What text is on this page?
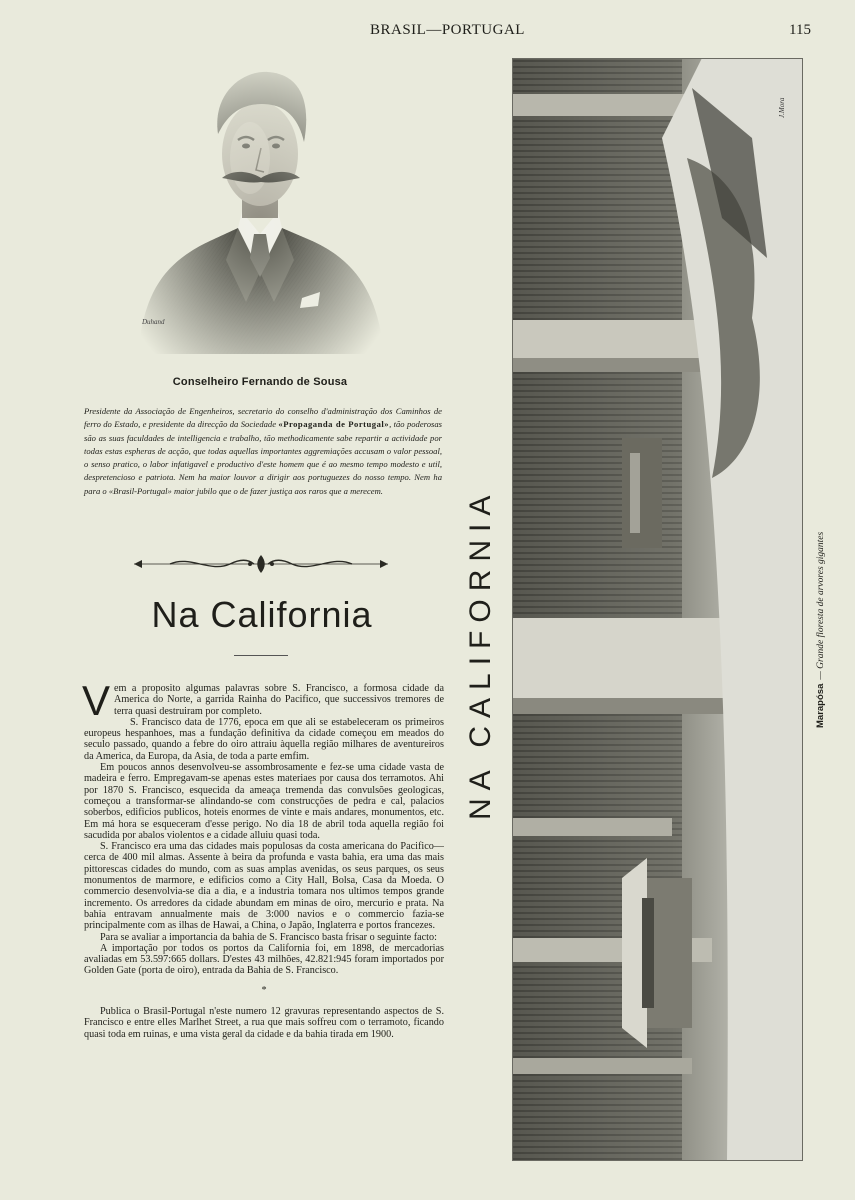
BRASIL—PORTUGAL	115
Duhand
Conselheiro Fernando de Sousa
Presidente da Associação de Engenheiros, secretario do conselho d'administração dos Caminhos de ferro do Estado, e presidente da direcção da Sociedade «Propaganda de Portugal», tão poderosas são as suas faculdades de intelligencia e trabalho, tão methodicamente sabe repartir a actividade por todas estas espheras de acção, que todas aquellas importantes aggremiações accusam o valor pessoal, o senso pratico, o labor infatigavel e productivo d'este homem que é ao mesmo tempo modesto e util, despretencioso e patriota. Nem ha maior louvor a dirigir aos portuguezes do nosso tempo. Nem ha para o «Brasil-Portugal» maior jubilo que o de fazer justiça aos raros que a merecem.
Na California

Vem a proposito algumas palavras sobre S. Francisco, a formosa cidade da America do Norte, a garrida Rainha do Pacifico, que successivos tremores de terra quasi destruiram por completo.

S. Francisco data de 1776, epoca em que ali se estabeleceram os primeiros europeus hespanhoes, mas a fundação definitiva da cidade começou em meados do seculo passado, quando a febre do oiro attraiu àquella região milhares de aventureiros da America, da Europa, da Asia, de toda a parte emfim.

Em poucos annos desenvolveu-se assombrosamente e fez-se uma cidade vasta de madeira e ferro. Empregavam-se apenas estes materiaes por causa dos terramotos. Ahi por 1870 S. Francisco, esquecida da ameaça tremenda das convulsões geologicas, começou a transformar-se alindando-se com construcções de pedra e cal, palacios soberbos, edificios publicos, hoteis enormes de vinte e mais andares, monumentos, etc. Em má hora se esqueceram d'esse perigo. No dia 18 de abril toda aquella região foi sacudida por abalos violentos e a cidade alluiu quasi toda.

S. Francisco era uma das cidades mais populosas da costa americana do Pacifico—cerca de 400 mil almas. Assente à beira da profunda e vasta bahia, era uma das mais pittorescas cidades do mundo, com as suas amplas avenidas, os seus parques, os seus monumentos de marmore, e edificios como a City Hall, Bolsa, Casa da Moeda. O commercio desenvolvia-se dia a dia, e a industria tomara nos ultimos tempos grande incremento. Os arredores da cidade abundam em minas de oiro, mercurio e prata. Na bahia entravam annualmente mais de 3:000 navios e o commercio fazia-se principalmente com as ilhas de Hawai, a China, o Japão, Inglaterra e portos francezes.

Para se avaliar a importancia da bahia de S. Francisco basta frisar o seguinte facto:

A importação por todos os portos da California foi, em 1898, de mercadorias avaliadas em 53.597:665 dollars. D'estes 43 milhões, 42.821:945 foram importados por Golden Gate (porta de oiro), entrada da Bahia de S. Francisco.

*

Publica o Brasil-Portugal n'este numero 12 gravuras representando aspectos de S. Francisco e entre elles Marlhet Street, a rua que mais soffreu com o terramoto, ficando quasi toda em ruinas, e uma vista geral da cidade e da bahia tirada em 1900.

NA CALIFORNIA
J.Mora
Marapósa— Grande floresta de arvores gigantes
